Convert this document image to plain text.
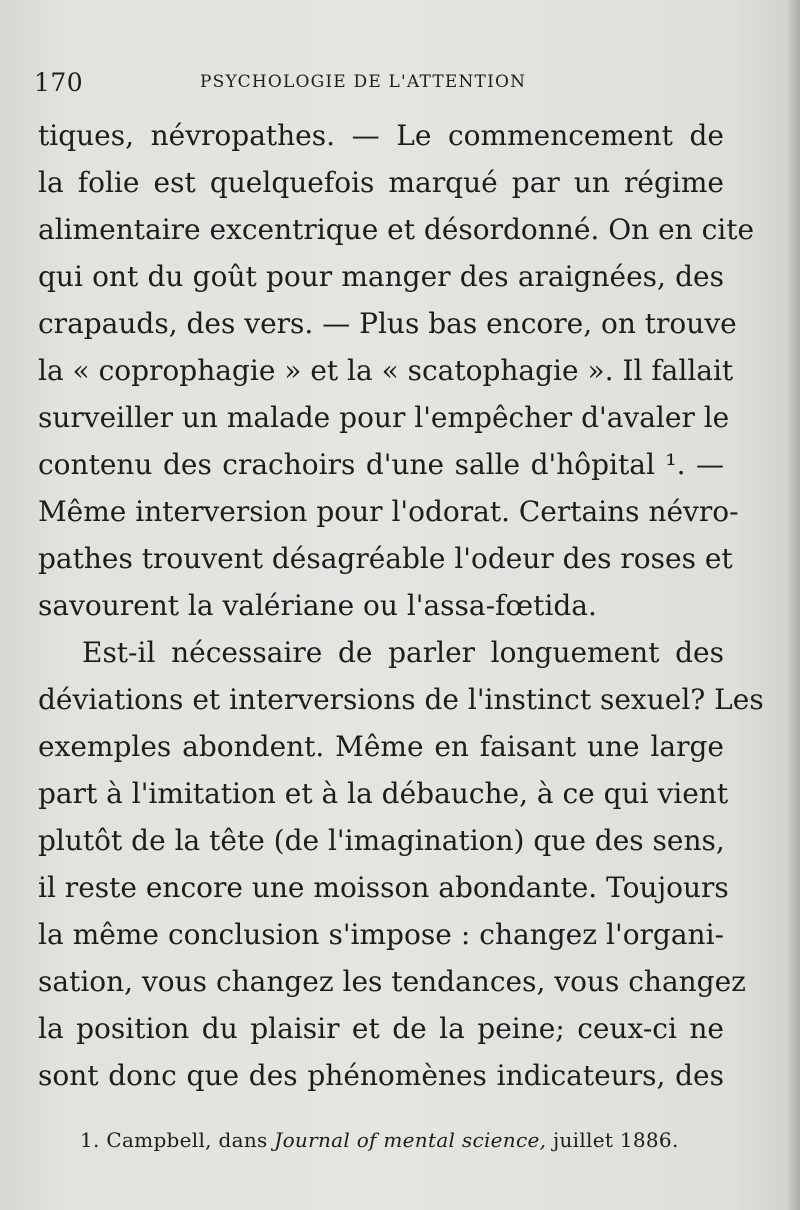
170	PSYCHOLOGIE DE L'ATTENTION
tiques, névropathes. — Le commencement de
la folie est quelquefois marqué par un régime
alimentaire excentrique et désordonné. On en cite
qui ont du goût pour manger des araignées, des
crapauds, des vers. — Plus bas encore, on trouve
la « coprophagie » et la « scatophagie ». Il fallait
surveiller un malade pour l'empêcher d'avaler le
contenu des crachoirs d'une salle d'hôpital ¹. —
Même interversion pour l'odorat. Certains névro-
pathes trouvent désagréable l'odeur des roses et
savourent la valériane ou l'assa-fœtida.
Est-il nécessaire de parler longuement des
déviations et interversions de l'instinct sexuel? Les
exemples abondent. Même en faisant une large
part à l'imitation et à la débauche, à ce qui vient
plutôt de la tête (de l'imagination) que des sens,
il reste encore une moisson abondante. Toujours
la même conclusion s'impose : changez l'organi-
sation, vous changez les tendances, vous changez
la position du plaisir et de la peine; ceux-ci ne
sont donc que des phénomènes indicateurs, des
1. Campbell, dans Journal of mental science, juillet 1886.
